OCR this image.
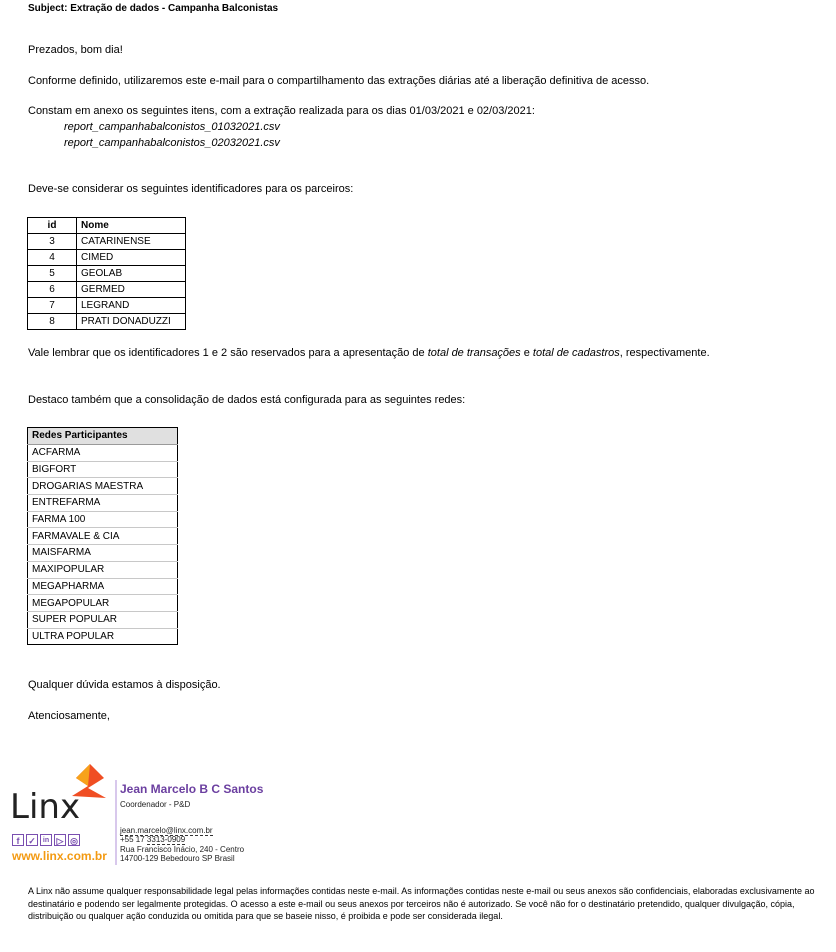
Subject: Extração de dados - Campanha Balconistas
Prezados, bom dia!
Conforme definido, utilizaremos este e-mail para o compartilhamento das extrações diárias até a liberação definitiva de acesso.
Constam em anexo os seguintes itens, com a extração realizada para os dias 01/03/2021 e 02/03/2021:
report_campanhabalconistos_01032021.csv
report_campanhabalconistos_02032021.csv
Deve-se considerar os seguintes identificadores para os parceiros:
id	Nome
3	CATARINENSE
4	CIMED
5	GEOLAB
6	GERMED
7	LEGRAND
8	PRATI DONADUZZI
Vale lembrar que os identificadores 1 e 2 são reservados para a apresentação de total de transações e total de cadastros, respectivamente.
Destaco também que a consolidação de dados está configurada para as seguintes redes:
Redes Participantes
ACFARMA
BIGFORT
DROGARIAS MAESTRA
ENTREFARMA
FARMA 100
FARMAVALE & CIA
MAISFARMA
MAXIPOPULAR
MEGAPHARMA
MEGAPOPULAR
SUPER POPULAR
ULTRA POPULAR
Qualquer dúvida estamos à disposição.
Atenciosamente,
Linx	Jean Marcelo B C Santos
Coordenador - P&D
jean.marcelo@linx.com.br
+55 17 3313-0909
Rua Francisco Inácio, 240 - Centro
14700-129 Bebedouro SP Brasil
f ✓	in ▷ ◎
www.linx.com.br
A Linx não assume qualquer responsabilidade legal pelas informações contidas neste e-mail. As informações contidas neste e-mail ou seus anexos são confidenciais, elaboradas exclusivamente ao destinatário e podendo ser legalmente protegidas. O acesso a este e-mail ou seus anexos por terceiros não é autorizado. Se você não for o destinatário pretendido, qualquer divulgação, cópia, distribuição ou qualquer ação conduzida ou omitida para que se baseie nisso, é proibida e pode ser considerada ilegal.
